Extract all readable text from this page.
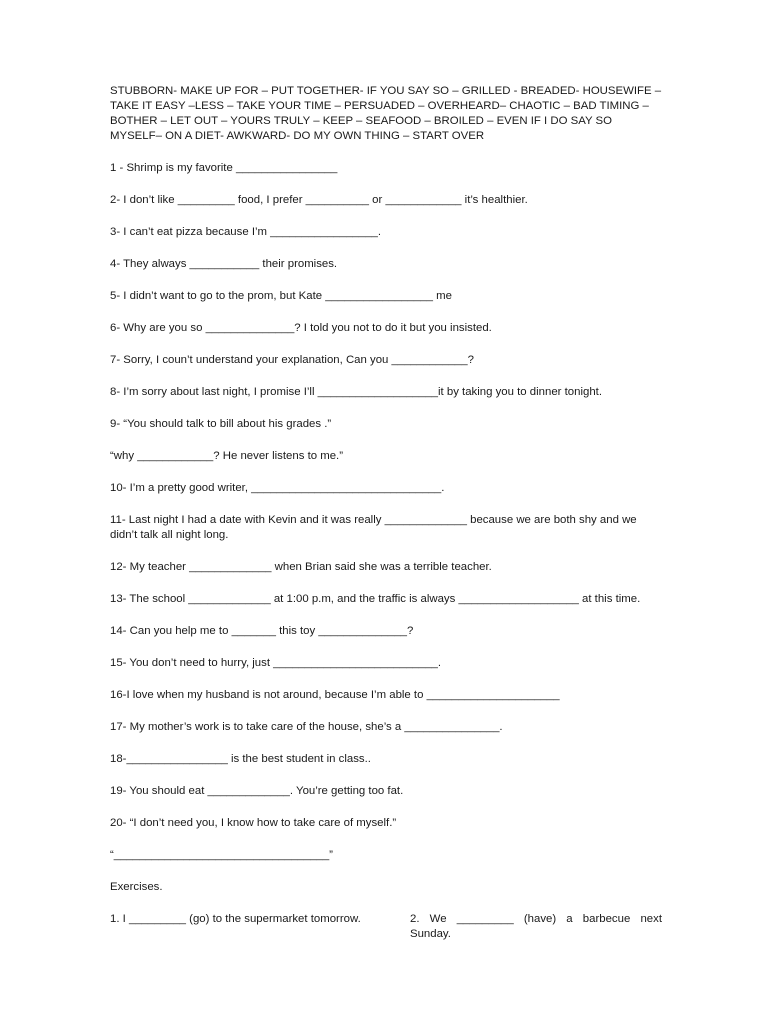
STUBBORN- MAKE UP FOR – PUT TOGETHER- IF YOU SAY SO – GRILLED - BREADED- HOUSEWIFE –TAKE IT EASY –LESS – TAKE YOUR TIME – PERSUADED – OVERHEARD– CHAOTIC – BAD TIMING – BOTHER – LET OUT – YOURS TRULY – KEEP – SEAFOOD – BROILED – EVEN IF I DO SAY SO MYSELF– ON A DIET- AWKWARD- DO MY OWN THING – START OVER

1 - Shrimp is my favorite ________________

2- I don’t like _________ food, I prefer __________ or ____________ it’s healthier.

3- I can’t eat pizza because I’m _________________.

4- They always ___________ their promises.

5- I didn’t want to go to the prom, but Kate _________________ me

6- Why are you so ______________? I told you not to do it but you insisted.

7- Sorry, I coun’t understand your explanation, Can you ____________?

8- I’m sorry about last night, I promise I’ll ___________________it by taking you to dinner tonight.

9- “You should talk to bill about his grades .”

“why ____________? He never listens to me.”

10- I’m a pretty good writer, ______________________________.

11- Last night I had a date with Kevin and it was really _____________ because we are both shy and we didn’t talk all night long.

12- My teacher _____________ when Brian said she was a terrible teacher.

13- The school _____________ at 1:00 p.m, and the traffic is always ___________________ at this time.

14- Can you help me to _______ this toy ______________?

15- You don’t need to hurry, just __________________________.

16-I love when my husband is not around, because I’m able to _____________________

17- My mother’s work is to take care of the house, she’s a _______________.

18-________________ is the best student in class..

19- You should eat _____________. You’re getting too fat.

20- “I don’t need you, I know how to take care of myself.”

“__________________________________”

Exercises.

1. I _________ (go) to the supermarket tomorrow.	2. We _________ (have) a barbecue next Sunday.
